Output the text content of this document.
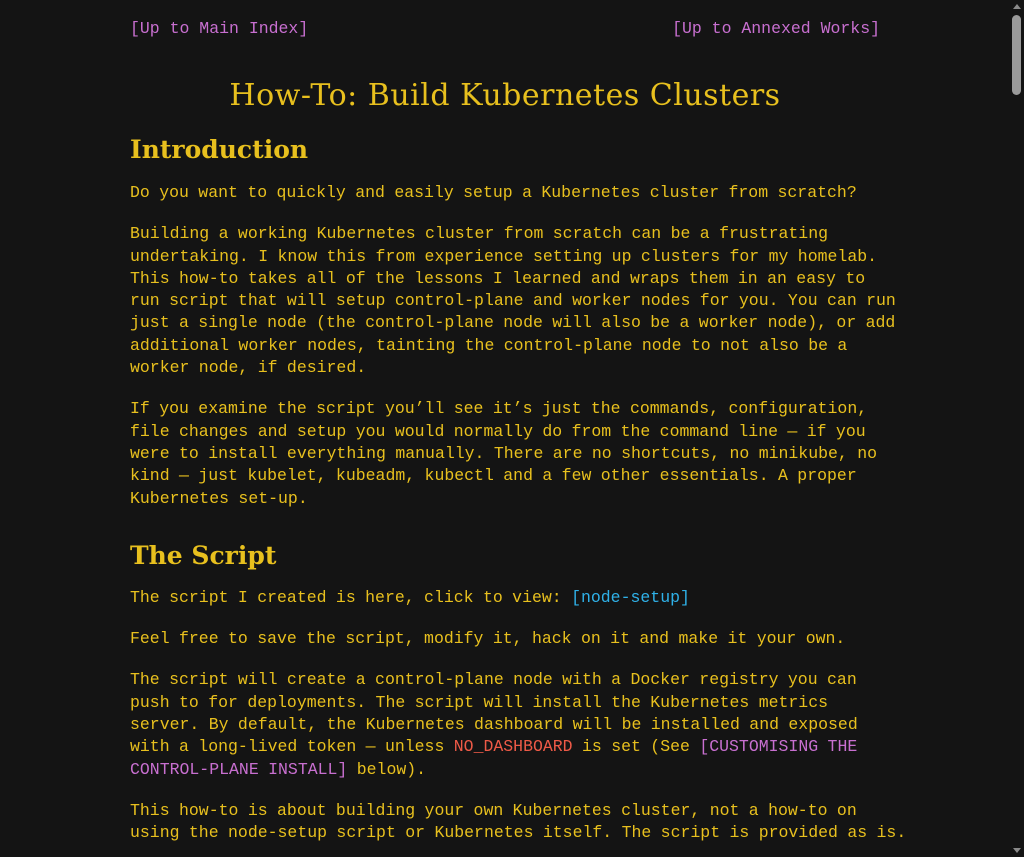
[Up to Main Index]	[Up to Annexed Works]
How-To: Build Kubernetes Clusters
Introduction

Do you want to quickly and easily setup a Kubernetes cluster from scratch?

Building a working Kubernetes cluster from scratch can be a frustrating

undertaking. I know this from experience setting up clusters for my homelab.

This how-to takes all of the lessons I learned and wraps them in an easy to

run script that will setup control-plane and worker nodes for you. You can run

just a single node (the control-plane node will also be a worker node), or add

additional worker nodes, tainting the control-plane node to not also be a

worker node, if desired.

If you examine the script you’ll see it’s just the commands, configuration,

file changes and setup you would normally do from the command line — if you

were to install everything manually. There are no shortcuts, no minikube, no

kind — just kubelet, kubeadm, kubectl and a few other essentials. A proper

Kubernetes set-up.

The Script

The script I created is here, click to view: [node-setup]

Feel free to save the script, modify it, hack on it and make it your own.

The script will create a control-plane node with a Docker registry you can

push to for deployments. The script will install the Kubernetes metrics

server. By default, the Kubernetes dashboard will be installed and exposed

with a long-lived token — unless NO_DASHBOARD is set (See [CUSTOMISING THE

CONTROL-PLANE INSTALL] below).

This how-to is about building your own Kubernetes cluster, not a how-to on

using the node-setup script or Kubernetes itself. The script is provided as is.
